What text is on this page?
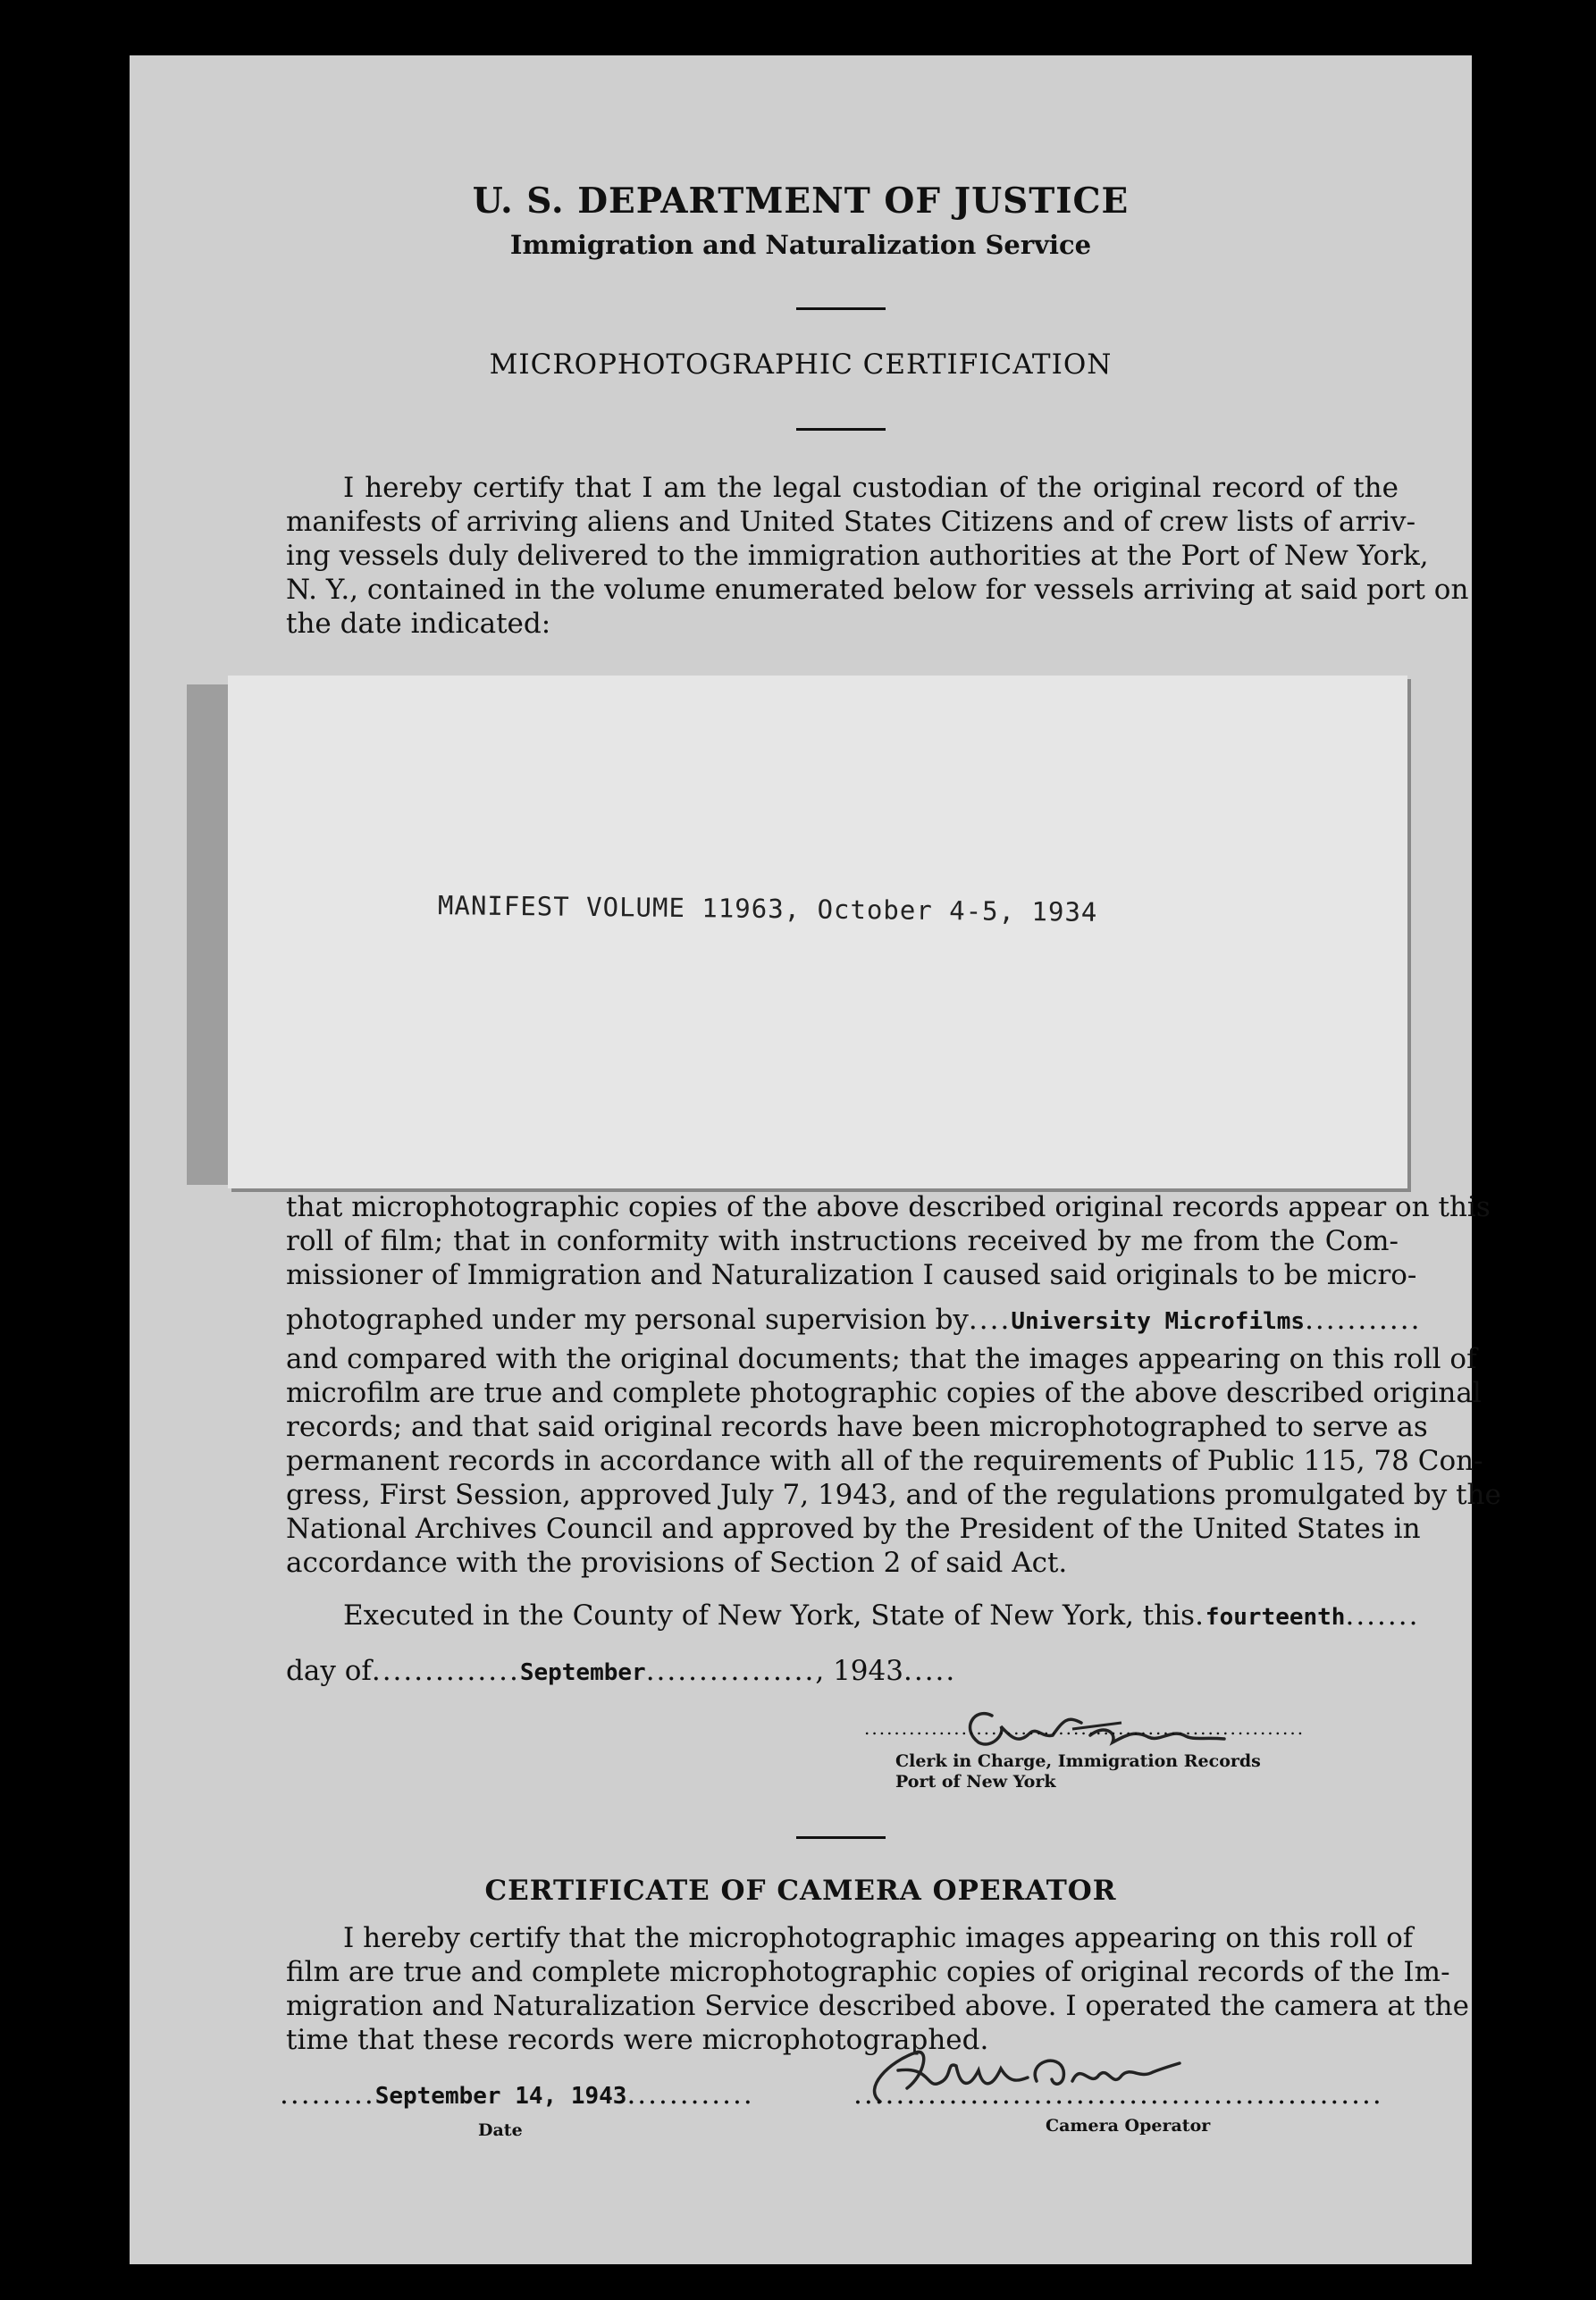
U. S. DEPARTMENT OF JUSTICE
Immigration and Naturalization Service
MICROPHOTOGRAPHIC CERTIFICATION
I hereby certify that I am the legal custodian of the original record of the
manifests of arriving aliens and United States Citizens and of crew lists of arriv-
ing vessels duly delivered to the immigration authorities at the Port of New York,
N. Y., contained in the volume enumerated below for vessels arriving at said port on
the date indicated:
MANIFEST VOLUME 11963, October 4-5, 1934
that microphotographic copies of the above described original records appear on this
roll of film; that in conformity with instructions received by me from the Com-
missioner of Immigration and Naturalization I caused said originals to be micro-
photographed under my personal supervision by....University Microfilms...........
and compared with the original documents; that the images appearing on this roll of
microfilm are true and complete photographic copies of the above described original
records; and that said original records have been microphotographed to serve as
permanent records in accordance with all of the requirements of Public 115, 78 Con-
gress, First Session, approved July 7, 1943, and of the regulations promulgated by the
National Archives Council and approved by the President of the United States in
accordance with the provisions of Section 2 of said Act.
Executed in the County of New York, State of New York, this.fourteenth.......
day of..............September................, 1943.....
...........................................................
Clerk in Charge, Immigration Records
Port of New York
CERTIFICATE OF CAMERA OPERATOR
I hereby certify that the microphotographic images appearing on this roll of
film are true and complete microphotographic copies of original records of the Im-
migration and Naturalization Service described above. I operated the camera at the
time that these records were microphotographed.
.........September 14, 1943............
Date
..................................................
Camera Operator
